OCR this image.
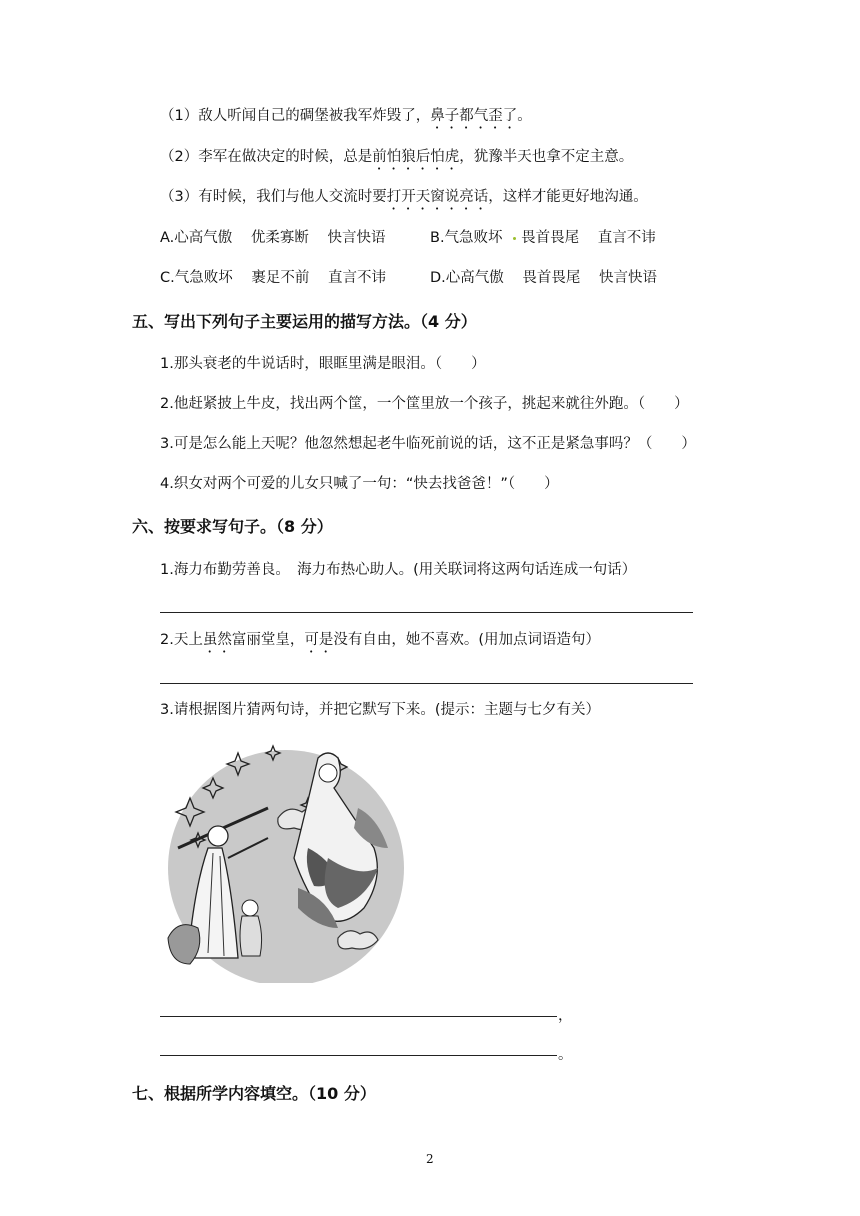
（1）敌人听闻自己的碉堡被我军炸毁了，鼻子都气歪了。
（2）李军在做决定的时候，总是前怕狼后怕虎，犹豫半天也拿不定主意。
（3）有时候，我们与他人交流时要打开天窗说亮话，这样才能更好地沟通。
A.心高气傲 优柔寡断 快言快语	B.气急败坏 畏首畏尾 直言不讳
C.气急败坏 裹足不前 直言不讳	D.心高气傲 畏首畏尾 快言快语
五、写出下列句子主要运用的描写方法。（4 分）
1.那头衰老的牛说话时，眼眶里满是眼泪。（　　）
2.他赶紧披上牛皮，找出两个筐，一个筐里放一个孩子，挑起来就往外跑。（　　）
3.可是怎么能上天呢？他忽然想起老牛临死前说的话，这不正是紧急事吗？（　　）
4.织女对两个可爱的儿女只喊了一句：“快去找爸爸！”（　　）
六、按要求写句子。（8 分）
1.海力布勤劳善良。　海力布热心助人。(用关联词将这两句话连成一句话）
2.天上虽然富丽堂皇，可是没有自由，她不喜欢。(用加点词语造句）
3.请根据图片猜两句诗，并把它默写下来。(提示：主题与七夕有关）
，
。
七、根据所学内容填空。（10 分）
2
